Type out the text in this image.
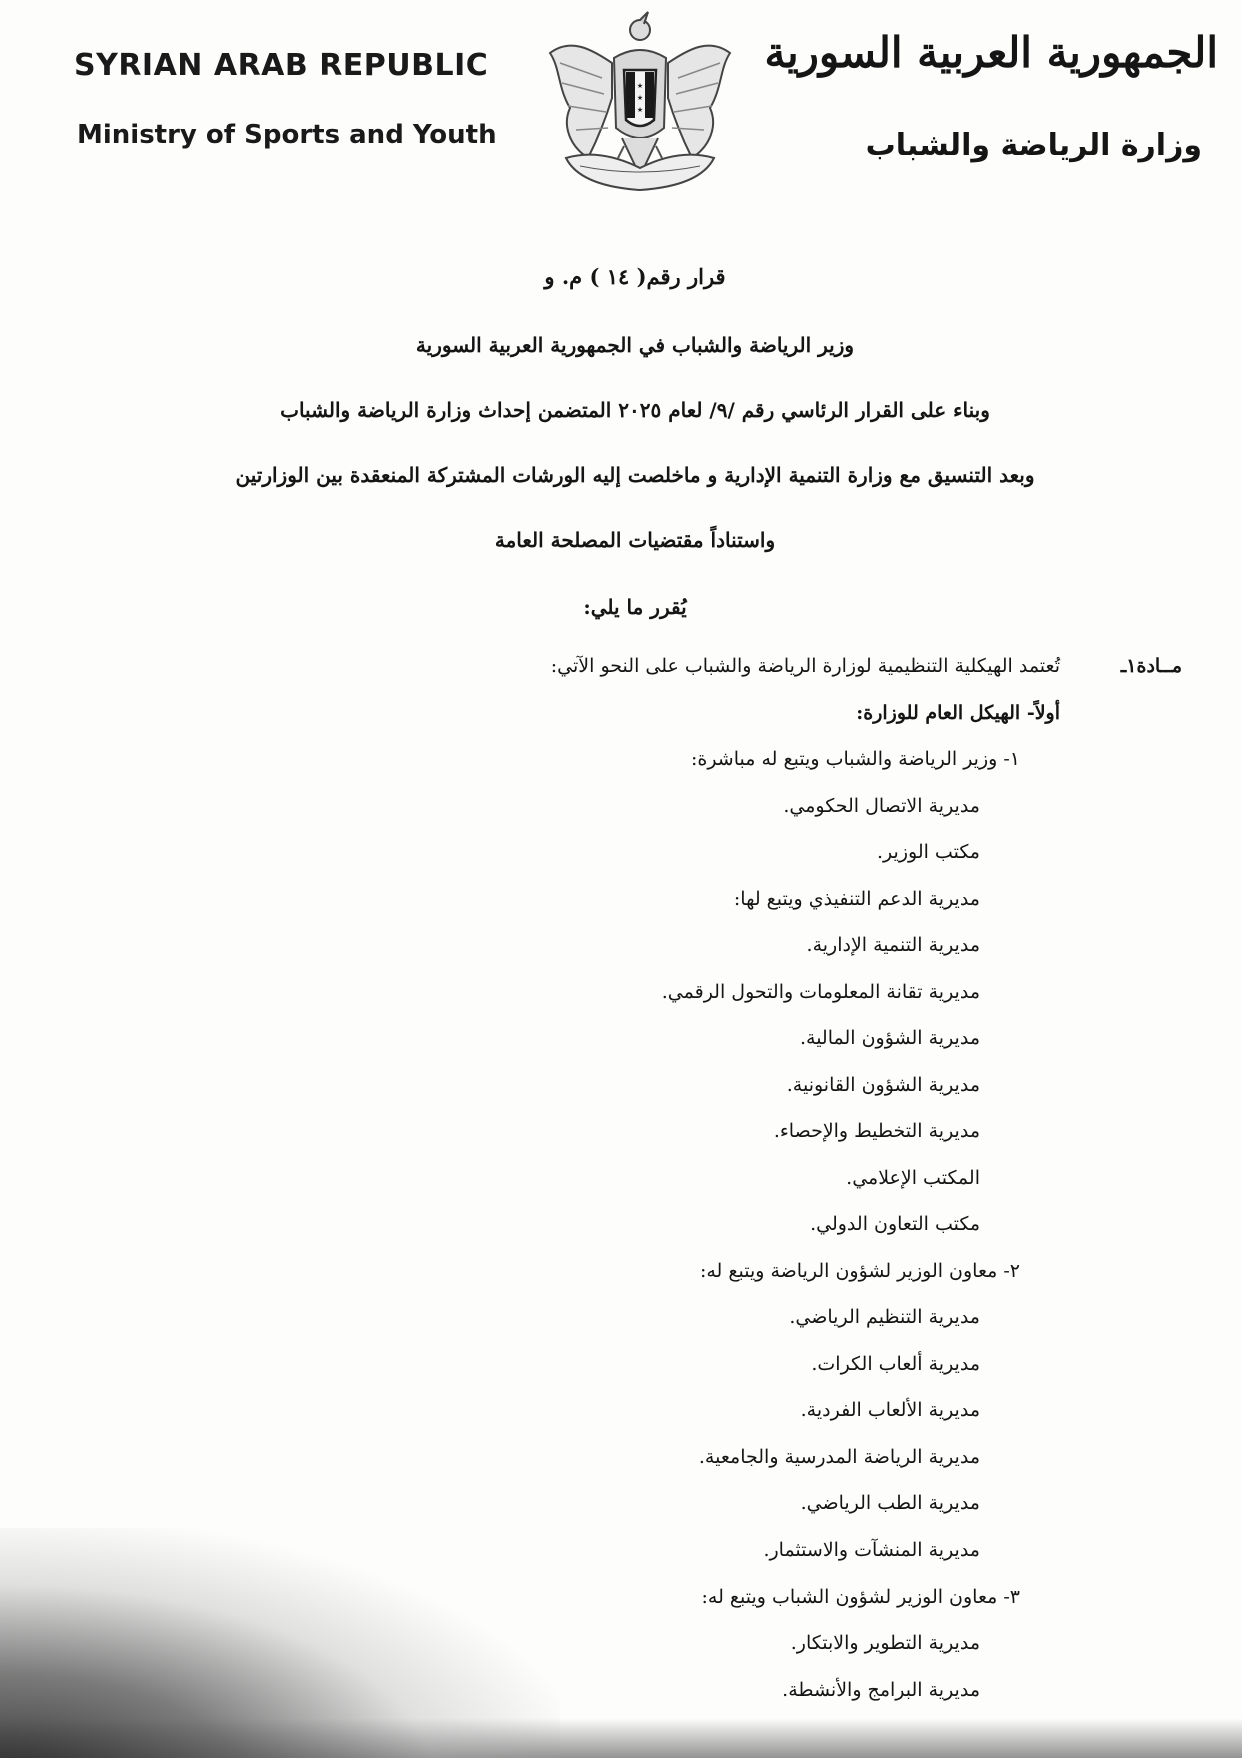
SYRIAN ARAB REPUBLIC
Ministry of Sports and Youth
★
★
★
الجمهورية العربية السورية
وزارة الرياضة والشباب
قرار رقم( ١٤ ) م. و
وزير الرياضة والشباب في الجمهورية العربية السورية
وبناء على القرار الرئاسي رقم /٩/ لعام ٢٠٢٥ المتضمن إحداث وزارة الرياضة والشباب
وبعد التنسيق مع وزارة التنمية الإدارية و ماخلصت إليه الورشات المشتركة المنعقدة بين الوزارتين
واستناداً مقتضيات المصلحة العامة
يُقرر ما يلي:
مــادة١ـ
تُعتمد الهيكلية التنظيمية لوزارة الرياضة والشباب على النحو الآتي:
أولاً- الهيكل العام للوزارة:
١- وزير الرياضة والشباب ويتبع له مباشرة:
مديرية الاتصال الحكومي.
مكتب الوزير.
مديرية الدعم التنفيذي ويتبع لها:
مديرية التنمية الإدارية.
مديرية تقانة المعلومات والتحول الرقمي.
مديرية الشؤون المالية.
مديرية الشؤون القانونية.
مديرية التخطيط والإحصاء.
المكتب الإعلامي.
مكتب التعاون الدولي.
٢- معاون الوزير لشؤون الرياضة ويتبع له:
مديرية التنظيم الرياضي.
مديرية ألعاب الكرات.
مديرية الألعاب الفردية.
مديرية الرياضة المدرسية والجامعية.
مديرية الطب الرياضي.
مديرية المنشآت والاستثمار.
٣- معاون الوزير لشؤون الشباب ويتبع له:
مديرية التطوير والابتكار.
مديرية البرامج والأنشطة.
